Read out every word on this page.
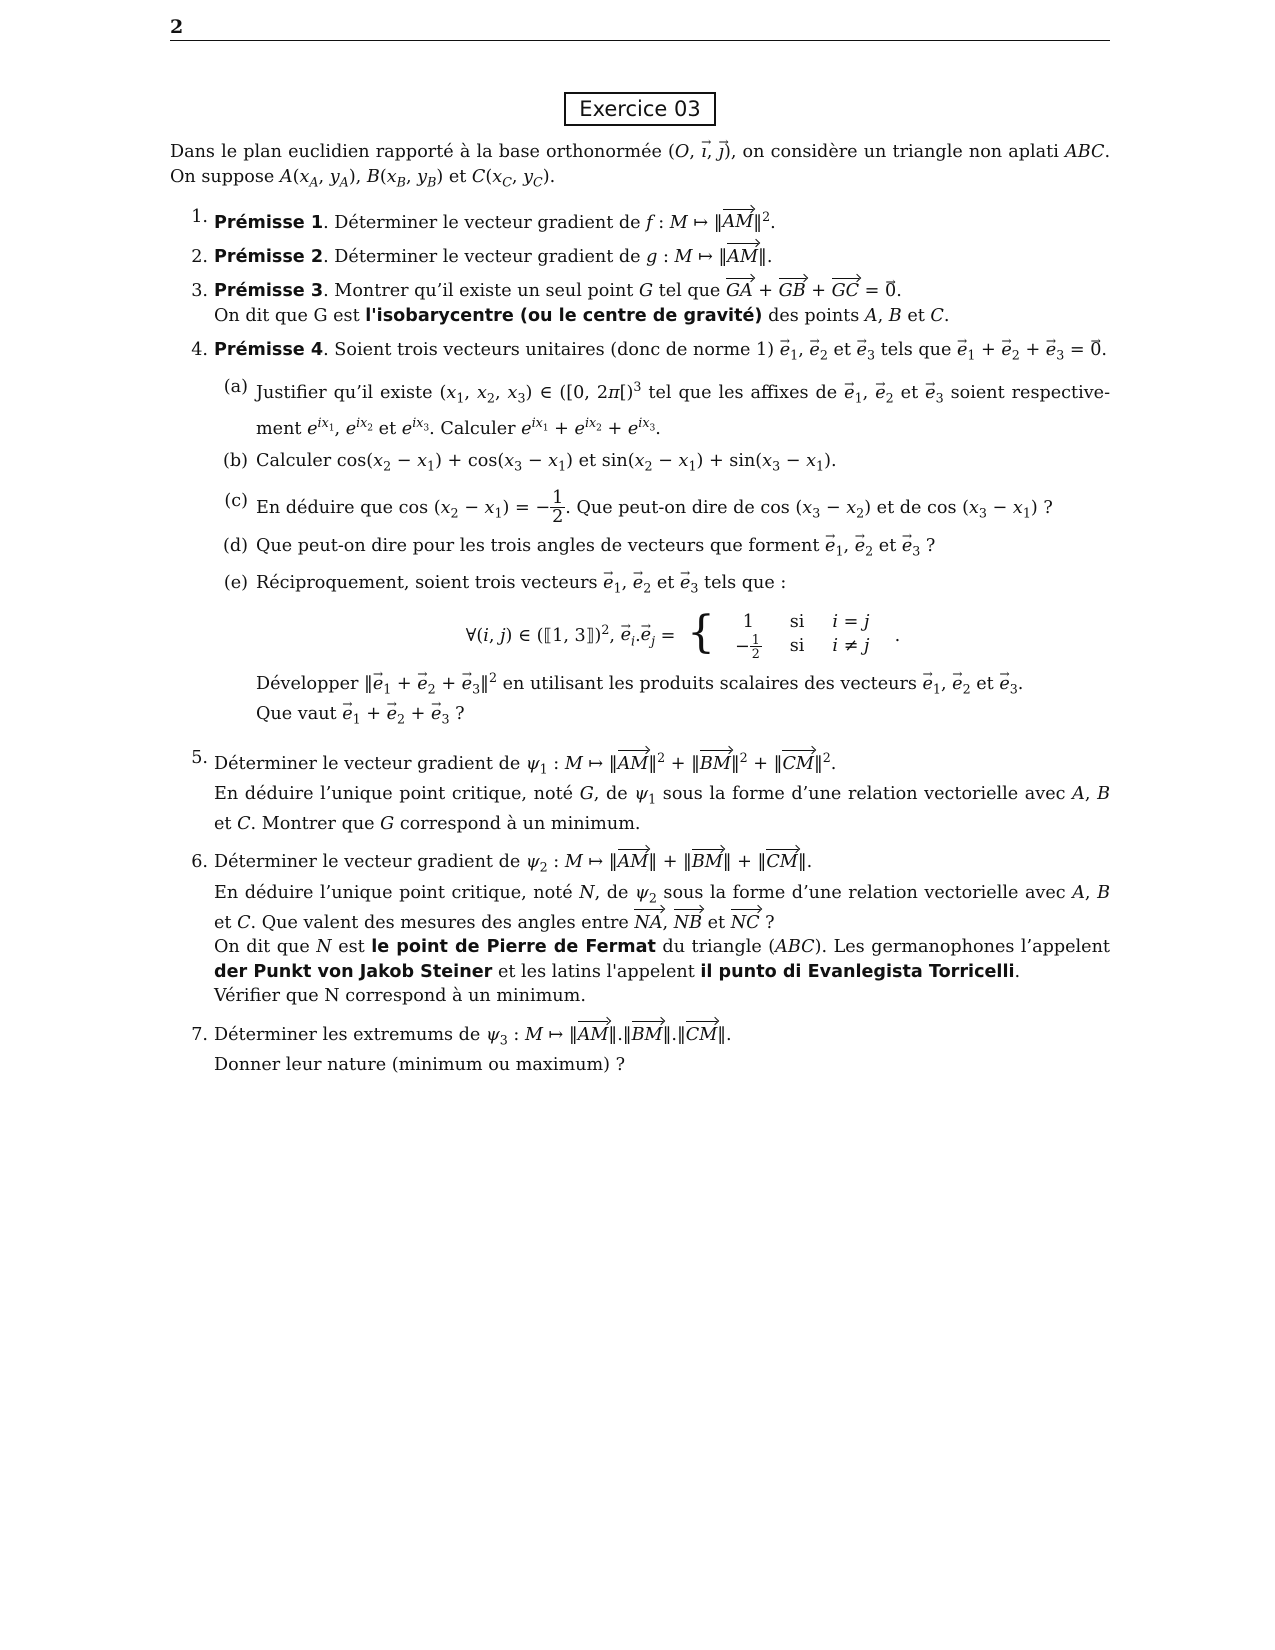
2
Exercice 03
Dans le plan euclidien rapporté à la base orthonormée (O, → ı, → ȷ), on considère un triangle non aplati ABC.
On suppose $A(x_A$, $y_A$), $B(x_B$, $y_B$) et $C(x_C$, $y_C$).
1. Prémisse 1. Déterminer le vecteur gradient de f : M ↦ ‖AM‖$^2$.
2. Prémisse 2. Déterminer le vecteur gradient de g : M ↦ ‖AM‖.
3. Prémisse 3. Montrer qu’il existe un seul point G tel que GA + GB + GC = → 0.
On dit que G est l'isobarycentre (ou le centre de gravité) des points A, B et C.
4. Prémisse 4. Soient trois vecteurs unitaires (donc de norme $1) \to e_1$, → $e_2$ et → $e_3$ tels que → $e_1$ + → $e_2$ + → $e_3$ = → 0.
(a) Justifier qu’il existe ($x_1$, $x_2$, $x_3$) ∈ ([0, 2π[)$^3$ tel que les affixes de → $e_1$, → $e_2$ et → $e_3$ soient respective-
ment $e^{ix_1}$, $e^{ix_2}$ et $e^{ix_3}$. Calculer $e^{ix_1} + e^{ix_2} + e^{ix_3}$.
(b) Calculer $\cos(x_2 - x_1) + \cos(x_3 - x_1)$ et $\sin(x_2 - x_1) + \sin(x_3 - x_1)$.
(c) En déduire que $\cos (x_2 - x_1)$ = − $\frac{1}{2}$ . Que peut-on dire de $\cos (x_3 - x_2)$ et de $\cos (x_3 - x_1)$ ?
(d) Que peut-on dire pour les trois angles de vecteurs que forment → $e_1$, → $e_2$ et → $e_3$ ?
(e) Réciproquement, soient trois vecteurs → $e_1$, → $e_2$ et → $e_3$ tels que :
∀(i, j) ∈ (⟦1, 3⟧)$^2$, → $e_i.\to e_j$ = { 1	si	i = j
− $\frac{1}{2}$	si	i ≠ j
.
Développer ‖→ $e_1$ + → $e_2$ + → $e_3‖^2$ en utilisant les produits scalaires des vecteurs → $e_1$, → $e_2$ et → $e_3$.
Que vaut → $e_1$ + → $e_2$ + → $e_3$ ?
5. Déterminer le vecteur gradient de $\psi_1$ : M ↦ ‖AM‖$^2$ + ‖BM‖$^2$ + ‖CM‖$^2$.
En déduire l’unique point critique, noté G, de $\psi_1$ sous la forme d’une relation vectorielle avec A, B
et C. Montrer que G correspond à un minimum.
6. Déterminer le vecteur gradient de $\psi_2$ : M ↦ ‖AM‖ + ‖BM‖ + ‖CM‖.
En déduire l’unique point critique, noté N, de $\psi_2$ sous la forme d’une relation vectorielle avec A, B
et C. Que valent des mesures des angles entre NA, NB et NC ?
On dit que N est le point de Pierre de Fermat du triangle (ABC). Les germanophones l’appelent
der Punkt von Jakob Steiner et les latins l'appelent il punto di Evanlegista Torricelli.
Vérifier que N correspond à un minimum.
7. Déterminer les extremums de $\psi_3$ : M ↦ ‖AM‖.‖BM‖.‖CM‖.
Donner leur nature (minimum ou maximum) ?
